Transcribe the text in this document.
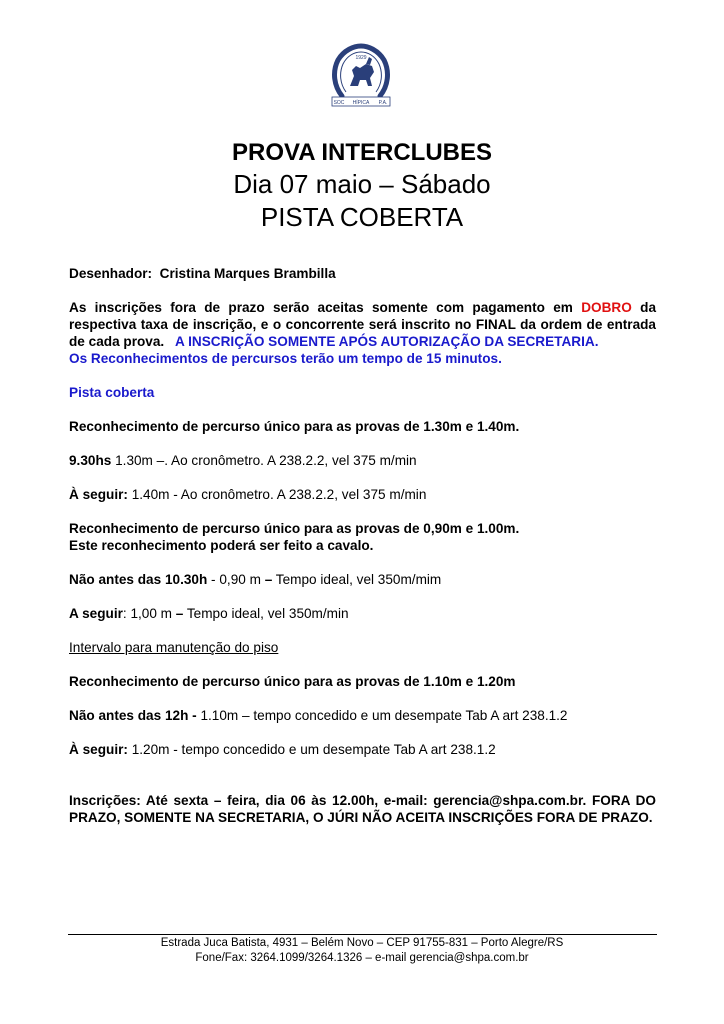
1929
SOC HÍPICA P.A.
PROVA INTERCLUBES
Dia 07 maio – Sábado
PISTA COBERTA

Desenhador: Cristina Marques Brambilla

As inscrições fora de prazo serão aceitas somente com pagamento em DOBRO da respectiva taxa de inscrição, e o concorrente será inscrito no FINAL da ordem de entrada de cada prova. A INSCRIÇÃO SOMENTE APÓS AUTORIZAÇÃO DA SECRETARIA.

Os Reconhecimentos de percursos terão um tempo de 15 minutos.

Pista coberta

Reconhecimento de percurso único para as provas de 1.30m e 1.40m.

9.30hs 1.30m –. Ao cronômetro. A 238.2.2, vel 375 m/min

À seguir: 1.40m - Ao cronômetro. A 238.2.2, vel 375 m/min

Reconhecimento de percurso único para as provas de 0,90m e 1.00m.

Este reconhecimento poderá ser feito a cavalo.

Não antes das 10.30h - 0,90 m – Tempo ideal, vel 350m/mim

A seguir: 1,00 m – Tempo ideal, vel 350m/min

Intervalo para manutenção do piso

Reconhecimento de percurso único para as provas de 1.10m e 1.20m

Não antes das 12h - 1.10m – tempo concedido e um desempate Tab A art 238.1.2

À seguir: 1.20m - tempo concedido e um desempate Tab A art 238.1.2

Inscrições: Até sexta – feira, dia 06 às 12.00h, e-mail: gerencia@shpa.com.br. FORA DO PRAZO, SOMENTE NA SECRETARIA, O JÚRI NÃO ACEITA INSCRIÇÕES FORA DE PRAZO.

Estrada Juca Batista, 4931 – Belém Novo – CEP 91755-831 – Porto Alegre/RS
Fone/Fax: 3264.1099/3264.1326 – e-mail gerencia@shpa.com.br
